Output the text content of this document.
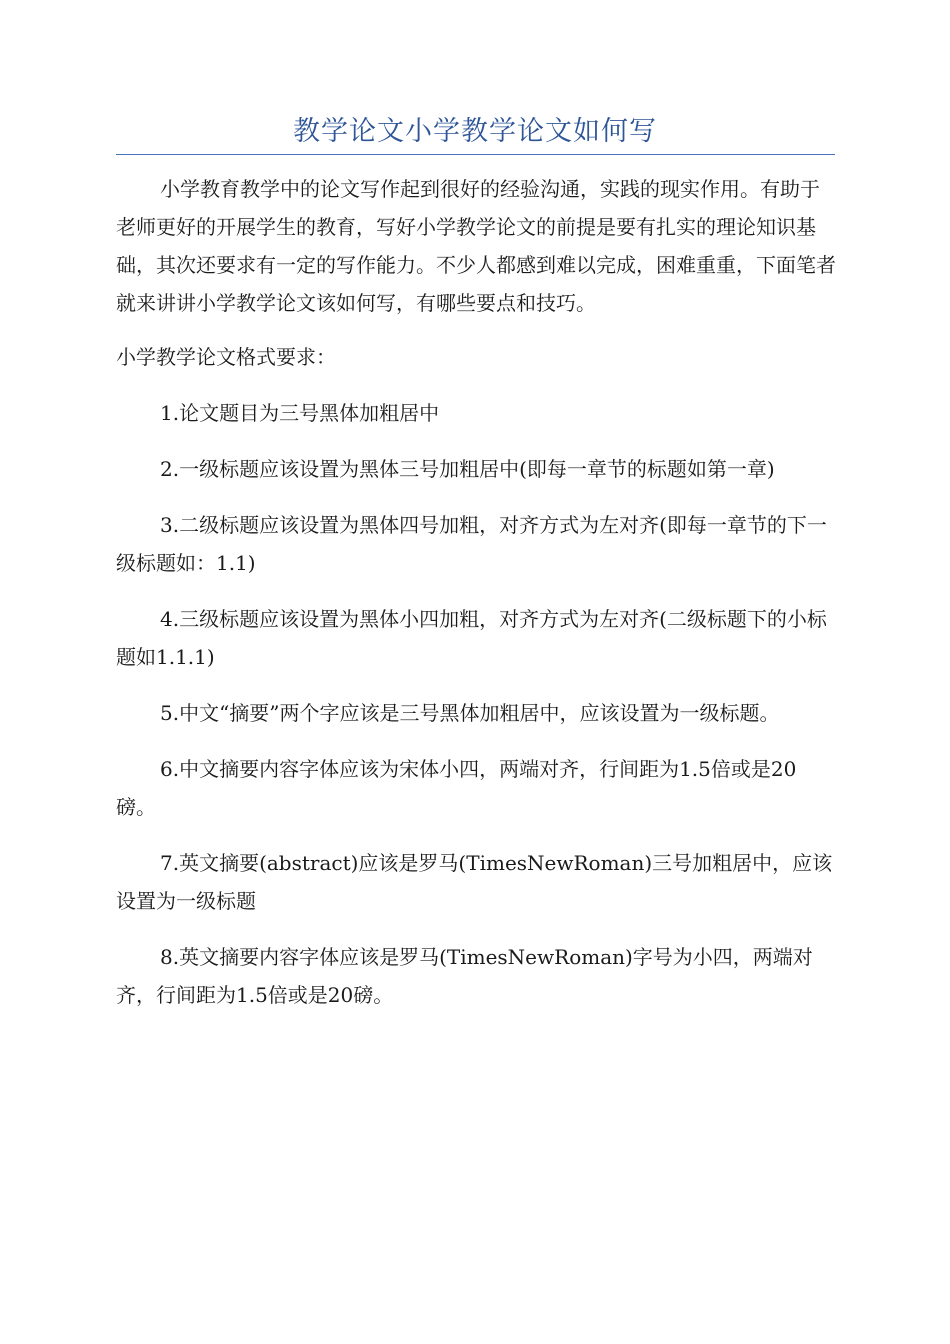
教学论文小学教学论文如何写

小学教育教学中的论文写作起到很好的经验沟通，实践的现实作用。有助于老师更好的开展学生的教育，写好小学教学论文的前提是要有扎实的理论知识基础，其次还要求有一定的写作能力。不少人都感到难以完成，困难重重，下面笔者就来讲讲小学教学论文该如何写，有哪些要点和技巧。

小学教学论文格式要求：

1.论文题目为三号黑体加粗居中

2.一级标题应该设置为黑体三号加粗居中(即每一章节的标题如第一章)

3.二级标题应该设置为黑体四号加粗，对齐方式为左对齐(即每一章节的下一级标题如：1.1)

4.三级标题应该设置为黑体小四加粗，对齐方式为左对齐(二级标题下的小标题如1.1.1)

5.中文“摘要”两个字应该是三号黑体加粗居中，应该设置为一级标题。

6.中文摘要内容字体应该为宋体小四，两端对齐，行间距为1.5倍或是20磅。

7.英文摘要(abstract)应该是罗马(TimesNewRoman)三号加粗居中，应该设置为一级标题

8.英文摘要内容字体应该是罗马(TimesNewRoman)字号为小四，两端对齐，行间距为1.5倍或是20磅。
